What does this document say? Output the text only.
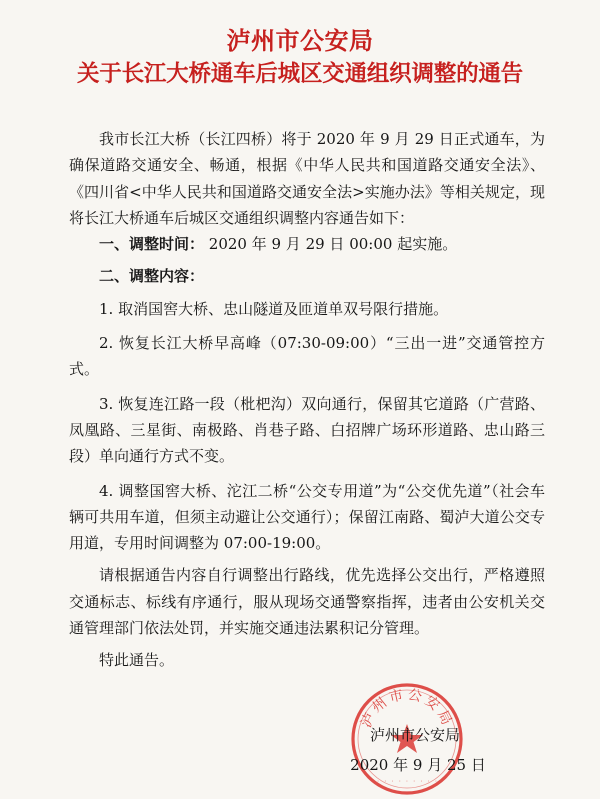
泸州市公安局
关于长江大桥通车后城区交通组织调整的通告

我市长江大桥（长江四桥）将于 2020 年 9 月 29 日正式通车，为确保道路交通安全、畅通，根据《中华人民共和国道路交通安全法》、《四川省<中华人民共和国道路交通安全法>实施办法》等相关规定，现将长江大桥通车后城区交通组织调整内容通告如下：

一、调整时间： 2020 年 9 月 29 日 00:00 起实施。

二、调整内容：

1. 取消国窖大桥、忠山隧道及匝道单双号限行措施。

2. 恢复长江大桥早高峰（07:30-09:00）“三出一进”交通管控方式。

3. 恢复连江路一段（枇杷沟）双向通行，保留其它道路（广营路、凤凰路、三星街、南极路、肖巷子路、白招牌广场环形道路、忠山路三段）单向通行方式不变。

4. 调整国窖大桥、沱江二桥“公交专用道”为“公交优先道”（社会车辆可共用车道，但须主动避让公交通行）；保留江南路、蜀泸大道公交专用道，专用时间调整为 07:00-19:00。

请根据通告内容自行调整出行路线，优先选择公交出行，严格遵照交通标志、标线有序通行，服从现场交通警察指挥，违者由公安机关交通管理部门依法处罚，并实施交通违法累积记分管理。

特此通告。

泸州市公安局
· · · · · · · · ·
泸州市公安局
2020 年 9 月 25 日
